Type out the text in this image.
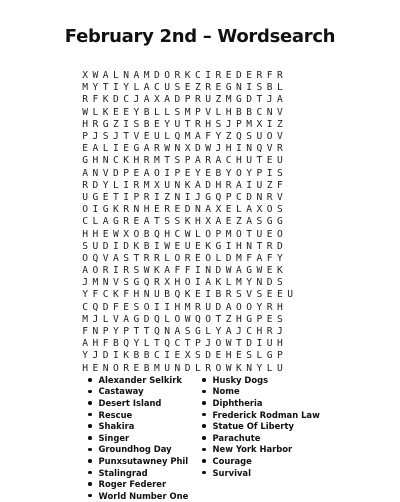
February 2nd – Wordsearch
X W A L N A M D O R K C I R E D E R F R
M Y T I Y L A C U S E Z R E G N I S B L
R F K D C J A X A D P R U Z M G D T J A
W L K E E Y B L L S M P V L H B B C N V
H R G Z I S B E Y U T R H S J P M X I Z
P J S J T V E U L Q M A F Y Z Q S U O V
E A L I E G A R W N X D W J H I N Q V R
G H N C K H R M T S P A R A C H U T E U
A N V D P E A O I P E Y E B Y O Y P I S
R D Y L I R M X U N K A D H R A I U Z F
U G E T I P R I Z N I J G Q P C D N R V
O I G K R N H E R E D N A X E L A X O S
C L A G R E A T S S K H X A E Z A S G G
H H E W X O B Q H C W L O P M O T U E O
S U D I D K B I W E U E K G I H N T R D
O Q V A S T R R L O R E O L D M F A F Y
A O R I R S W K A F F I N D W A G W E K
J M N V S G Q R X H O I A K L M Y N D S
Y F C K F H N U B Q K E I B R S V S E E U
C Q D F E S O I I H M R U D A O O Y R H
M J L V A G D Q L O W Q O T Z H G P E S
F N P Y P T T Q N A S G L Y A J C H R J
A H F B Q Y L T Q C T P J O W T D I U H
Y J D I K B B C I E X S D E H E S L G P
H E N O R E B M U N D L R O W K N Y L U
Alexander Selkirk
Castaway
Desert Island
Rescue
Shakira
Singer
Groundhog Day
Punxsutawney Phil
Stalingrad
Roger Federer
World Number One
Husky Dogs
Nome
Diphtheria
Frederick Rodman Law
Statue Of Liberty
Parachute
New York Harbor
Courage
Survival
